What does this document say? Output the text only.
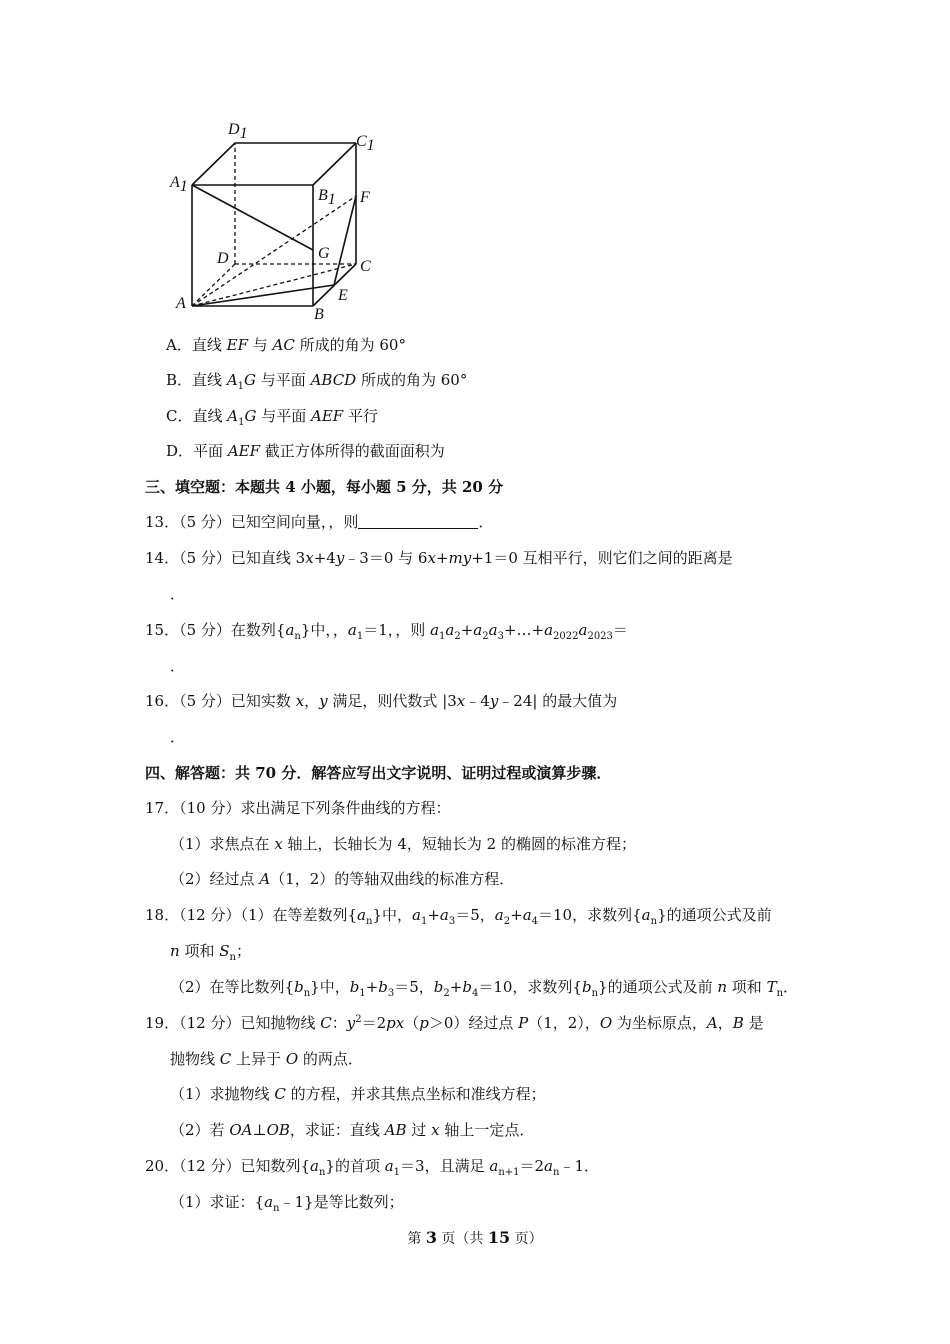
D1	C1
A1
B1 F
G
D	C
E
A
B
A．直线 EF 与 AC 所成的角为 60°
B．直线 $A_1G$ 与平面 ABCD 所成的角为 60°
C．直线 $A_1G$ 与平面 AEF 平行
D．平面 AEF 截正方体所得的截面面积为
三、填空题：本题共 4 小题，每小题 5 分，共 20 分
13．（5 分）已知空间向量，，则	．
14．（5 分）已知直线 3x+4y﹣3＝0 与 6x+my+1＝0 互相平行，则它们之间的距离是
．
15．（5 分）在数列$\{a_n\}$中，，$a_1=1$，，则 $a_1a_2+a_2a_3+\dots+a_{2022}a_{2023}=$
．
16．（5 分）已知实数 x，y 满足，则代数式 |3x﹣4y﹣24| 的最大值为
．
四、解答题：共 70 分．解答应写出文字说明、证明过程或演算步骤．
17．（10 分）求出满足下列条件曲线的方程：
（1）求焦点在 x 轴上，长轴长为 4，短轴长为 2 的椭圆的标准方程；
（2）经过点 A（1，2）的等轴双曲线的标准方程．
18．（12 分）（1）在等差数列$\{a_n\}$中，$a_1+a_3=5$，$a_2+a_4=10$，求数列$\{a_n\}$的通项公式及前
n 项和 $S_n$；
（2）在等比数列$\{b_n\}$中，$b_1+b_3=5$，$b_2+b_4=10$，求数列$\{b_n\}$的通项公式及前 n 项和 $T_n$．
19．（12 分）已知抛物线 C：$y^2=2px(p>0)$经过点 P（1，2），O 为坐标原点，A，B 是
抛物线 C 上异于 O 的两点．
（1）求抛物线 C 的方程，并求其焦点坐标和准线方程；
（2）若 OA⊥OB，求证：直线 AB 过 x 轴上一定点．
20．（12 分）已知数列$\{a_n\}$的首项 $a_1=3$，且满足 $a_{n+1}=2a_n﹣1$．
（1）求证：$\{a_n﹣1\}$是等比数列；
第 3 页（共 15 页）
